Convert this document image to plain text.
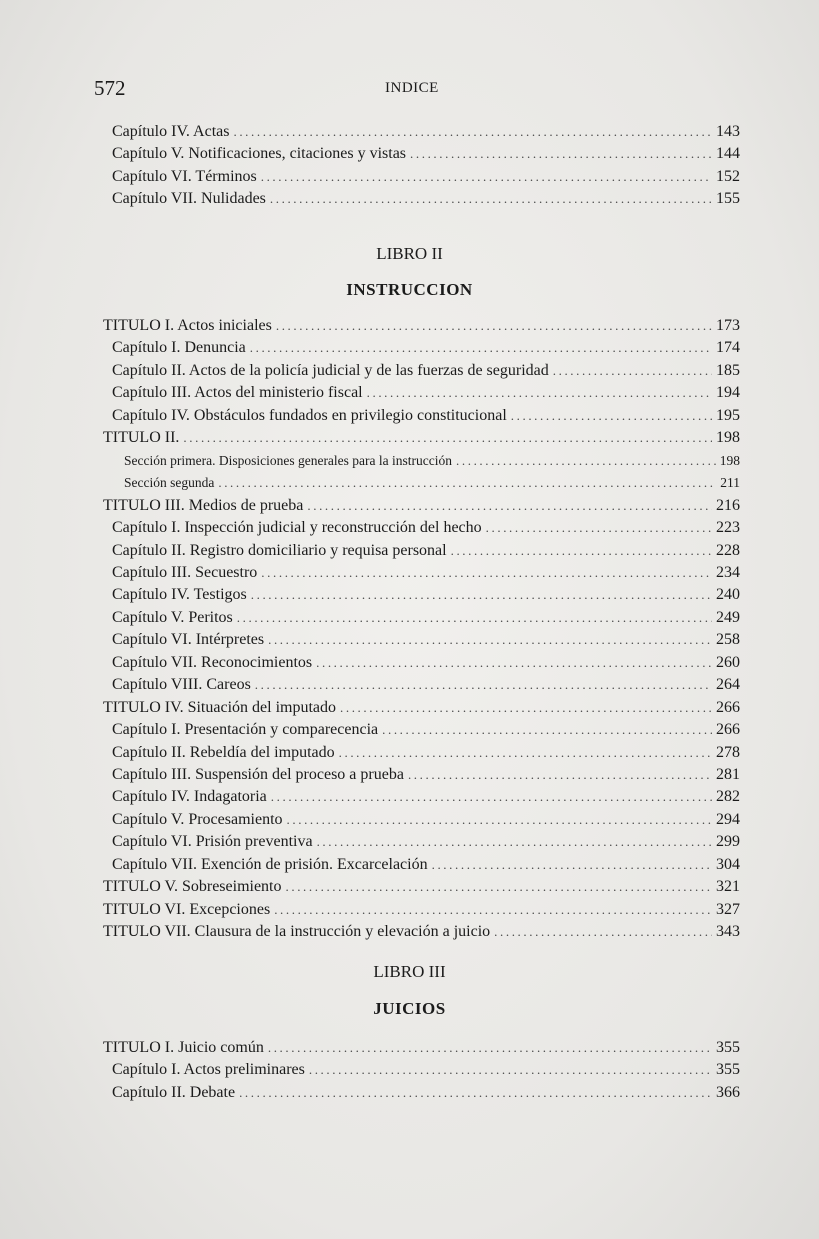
572	INDICE
LIBRO II
INSTRUCCION
LIBRO III
JUICIOS
Capítulo IV. Actas .....	143
Capítulo V. Notificaciones, citaciones y vistas .....	144
Capítulo VI. Términos .....	152
Capítulo VII. Nulidades .....	155
TITULO I. Actos iniciales .....	173
Capítulo I. Denuncia .....	174
Capítulo II. Actos de la policía judicial y de las fuerzas de seguridad .....	185
Capítulo III. Actos del ministerio fiscal .....	194
Capítulo IV. Obstáculos fundados en privilegio constitucional .....	195
TITULO II. .....	198
Sección primera. Disposiciones generales para la instrucción .....	198
Sección segunda .....	211
TITULO III. Medios de prueba .....	216
Capítulo I. Inspección judicial y reconstrucción del hecho .....	223
Capítulo II. Registro domiciliario y requisa personal .....	228
Capítulo III. Secuestro .....	234
Capítulo IV. Testigos .....	240
Capítulo V. Peritos .....	249
Capítulo VI. Intérpretes .....	258
Capítulo VII. Reconocimientos .....	260
Capítulo VIII. Careos .....	264
TITULO IV. Situación del imputado .....	266
Capítulo I. Presentación y comparecencia .....	266
Capítulo II. Rebeldía del imputado .....	278
Capítulo III. Suspensión del proceso a prueba .....	281
Capítulo IV. Indagatoria .....	282
Capítulo V. Procesamiento .....	294
Capítulo VI. Prisión preventiva .....	299
Capítulo VII. Exención de prisión. Excarcelación .....	304
TITULO V. Sobreseimiento .....	321
TITULO VI. Excepciones .....	327
TITULO VII. Clausura de la instrucción y elevación a juicio .....	343
TITULO I. Juicio común .....	355
Capítulo I. Actos preliminares .....	355
Capítulo II. Debate .....	366
